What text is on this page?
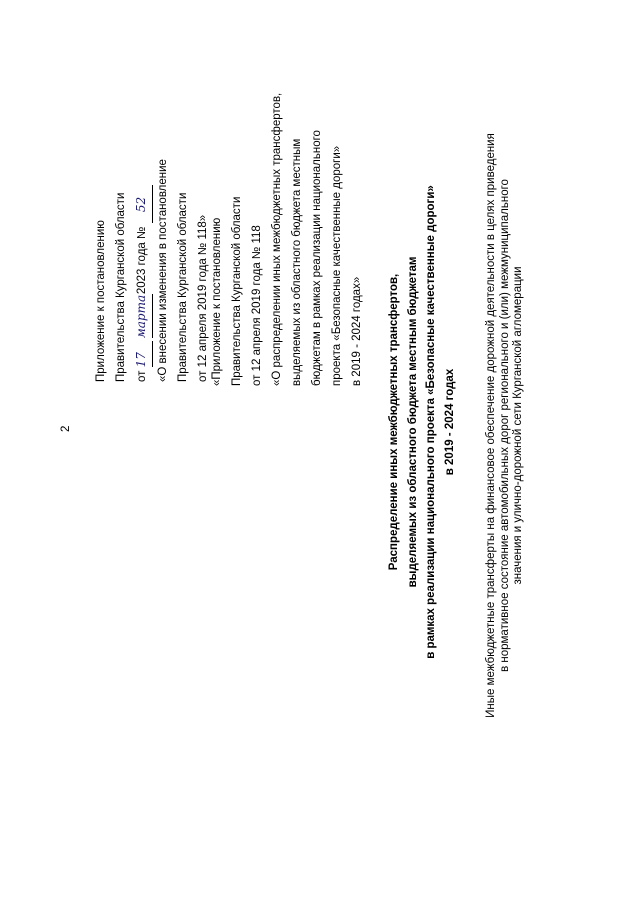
2
Приложение к постановлению Правительства Курганской области от 17 марта2023 года № 52 «О внесении изменения в постановление Правительства Курганской области от 12 апреля 2019 года № 118» «Приложение к постановлению Правительства Курганской области от 12 апреля 2019 года № 118 «О распределении иных межбюджетных трансфертов, выделяемых из областного бюджета местным бюджетам в рамках реализации национального проекта «Безопасные качественные дороги» в 2019 - 2024 годах»	Распределение иных межбюджетных трансфертов, выделяемых из областного бюджета местным бюджетам в рамках реализации национального проекта «Безопасные качественные дороги» в 2019 - 2024 годах	Иные межбюджетные трансферты на финансовое обеспечение дорожной деятельности в целях приведения в нормативное состояние автомобильных дорог регионального и (или) межмуниципального значения и улично-дорожной сети Курганской агломерации
